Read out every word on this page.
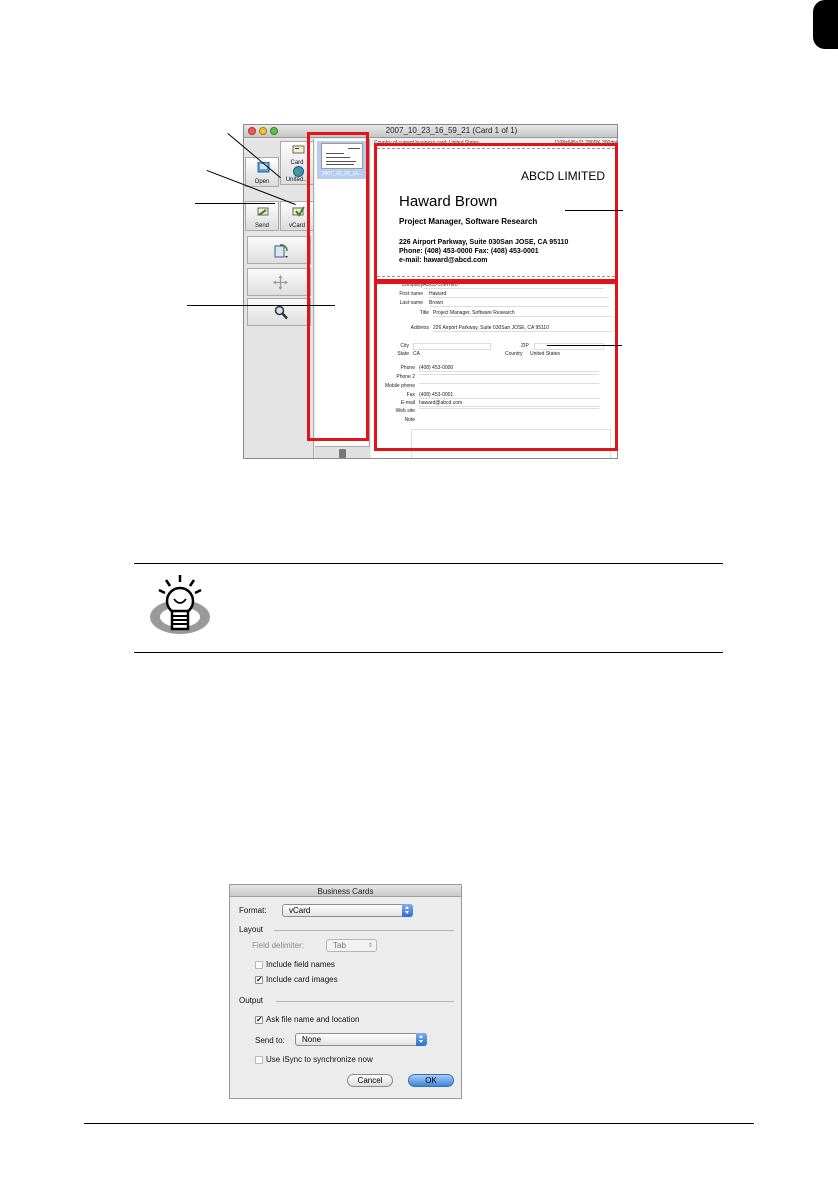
2007_10_23_16_59_21 (Card 1 of 1)
Open
Card
United...
Send	vCard
2007_10_23_16...
Country of current business card: United States	1108x645x31 280DK 300dpi
ABCD LIMITED
Haward Brown
Project Manager, Software Research
226 Airport Parkway, Suite 030San JOSE, CA 95110
Phone: (408) 453-0000 Fax: (408) 453-0001
e-mail: haward@abcd.com
Company ABCD LIMITED
First name Haward
Last name Brown
Title Project Manager, Software Research
Address 226 Airport Parkway, Suite 030San JOSE, CA 95110
City	ZIP
State CA	Country United States
Phone (408) 453-0000
Phone 2
Mobile phone
Fax (408) 453-0001
E-mail haward@abcd.com
Web site
Note
Business Cards
Format:	vCard
Layout
Field delimiter:	Tab	⇕
Include field names
✓ Include card images
Output
✓ Ask file name and location
Send to:	None
Use iSync to synchronize now
Cancel	OK
